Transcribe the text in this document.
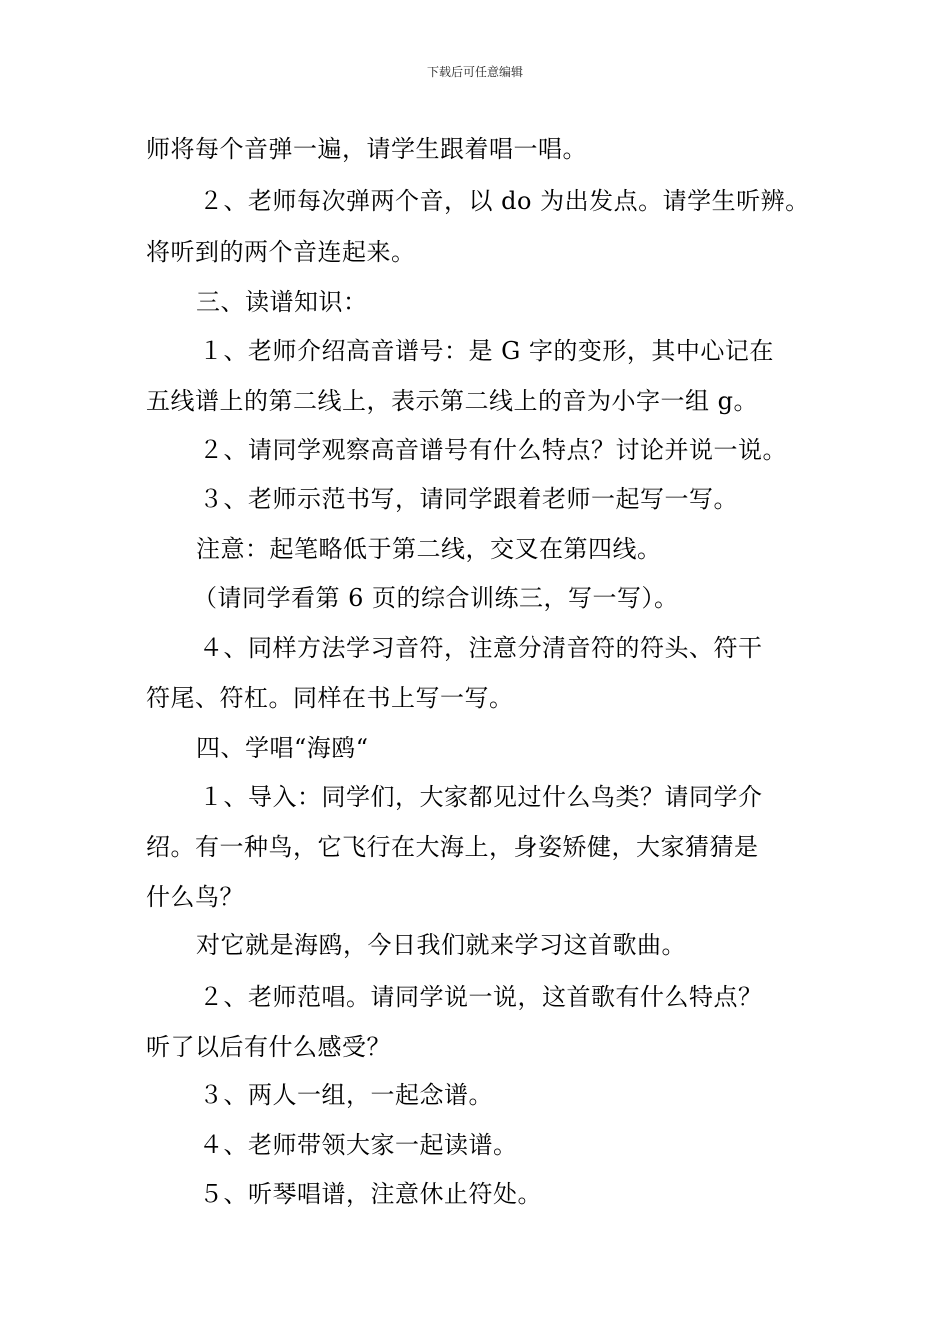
下载后可任意编辑
师将每个音弹一遍，请学生跟着唱一唱。
２、老师每次弹两个音，以 do 为出发点。请学生听辨。
将听到的两个音连起来。
三、读谱知识：
１、老师介绍高音谱号：是 G 字的变形，其中心记在
五线谱上的第二线上，表示第二线上的音为小字一组 g。
２、请同学观察高音谱号有什么特点？讨论并说一说。
３、老师示范书写，请同学跟着老师一起写一写。
注意：起笔略低于第二线，交叉在第四线。
（请同学看第 6 页的综合训练三，写一写）。
４、同样方法学习音符，注意分清音符的符头、符干
符尾、符杠。同样在书上写一写。
四、学唱“海鸥“
１、导入：同学们，大家都见过什么鸟类？请同学介
绍。有一种鸟，它飞行在大海上，身姿矫健，大家猜猜是
什么鸟？
对它就是海鸥，今日我们就来学习这首歌曲。
２、老师范唱。请同学说一说，这首歌有什么特点？
听了以后有什么感受？
３、两人一组，一起念谱。
４、老师带领大家一起读谱。
５、听琴唱谱，注意休止符处。
